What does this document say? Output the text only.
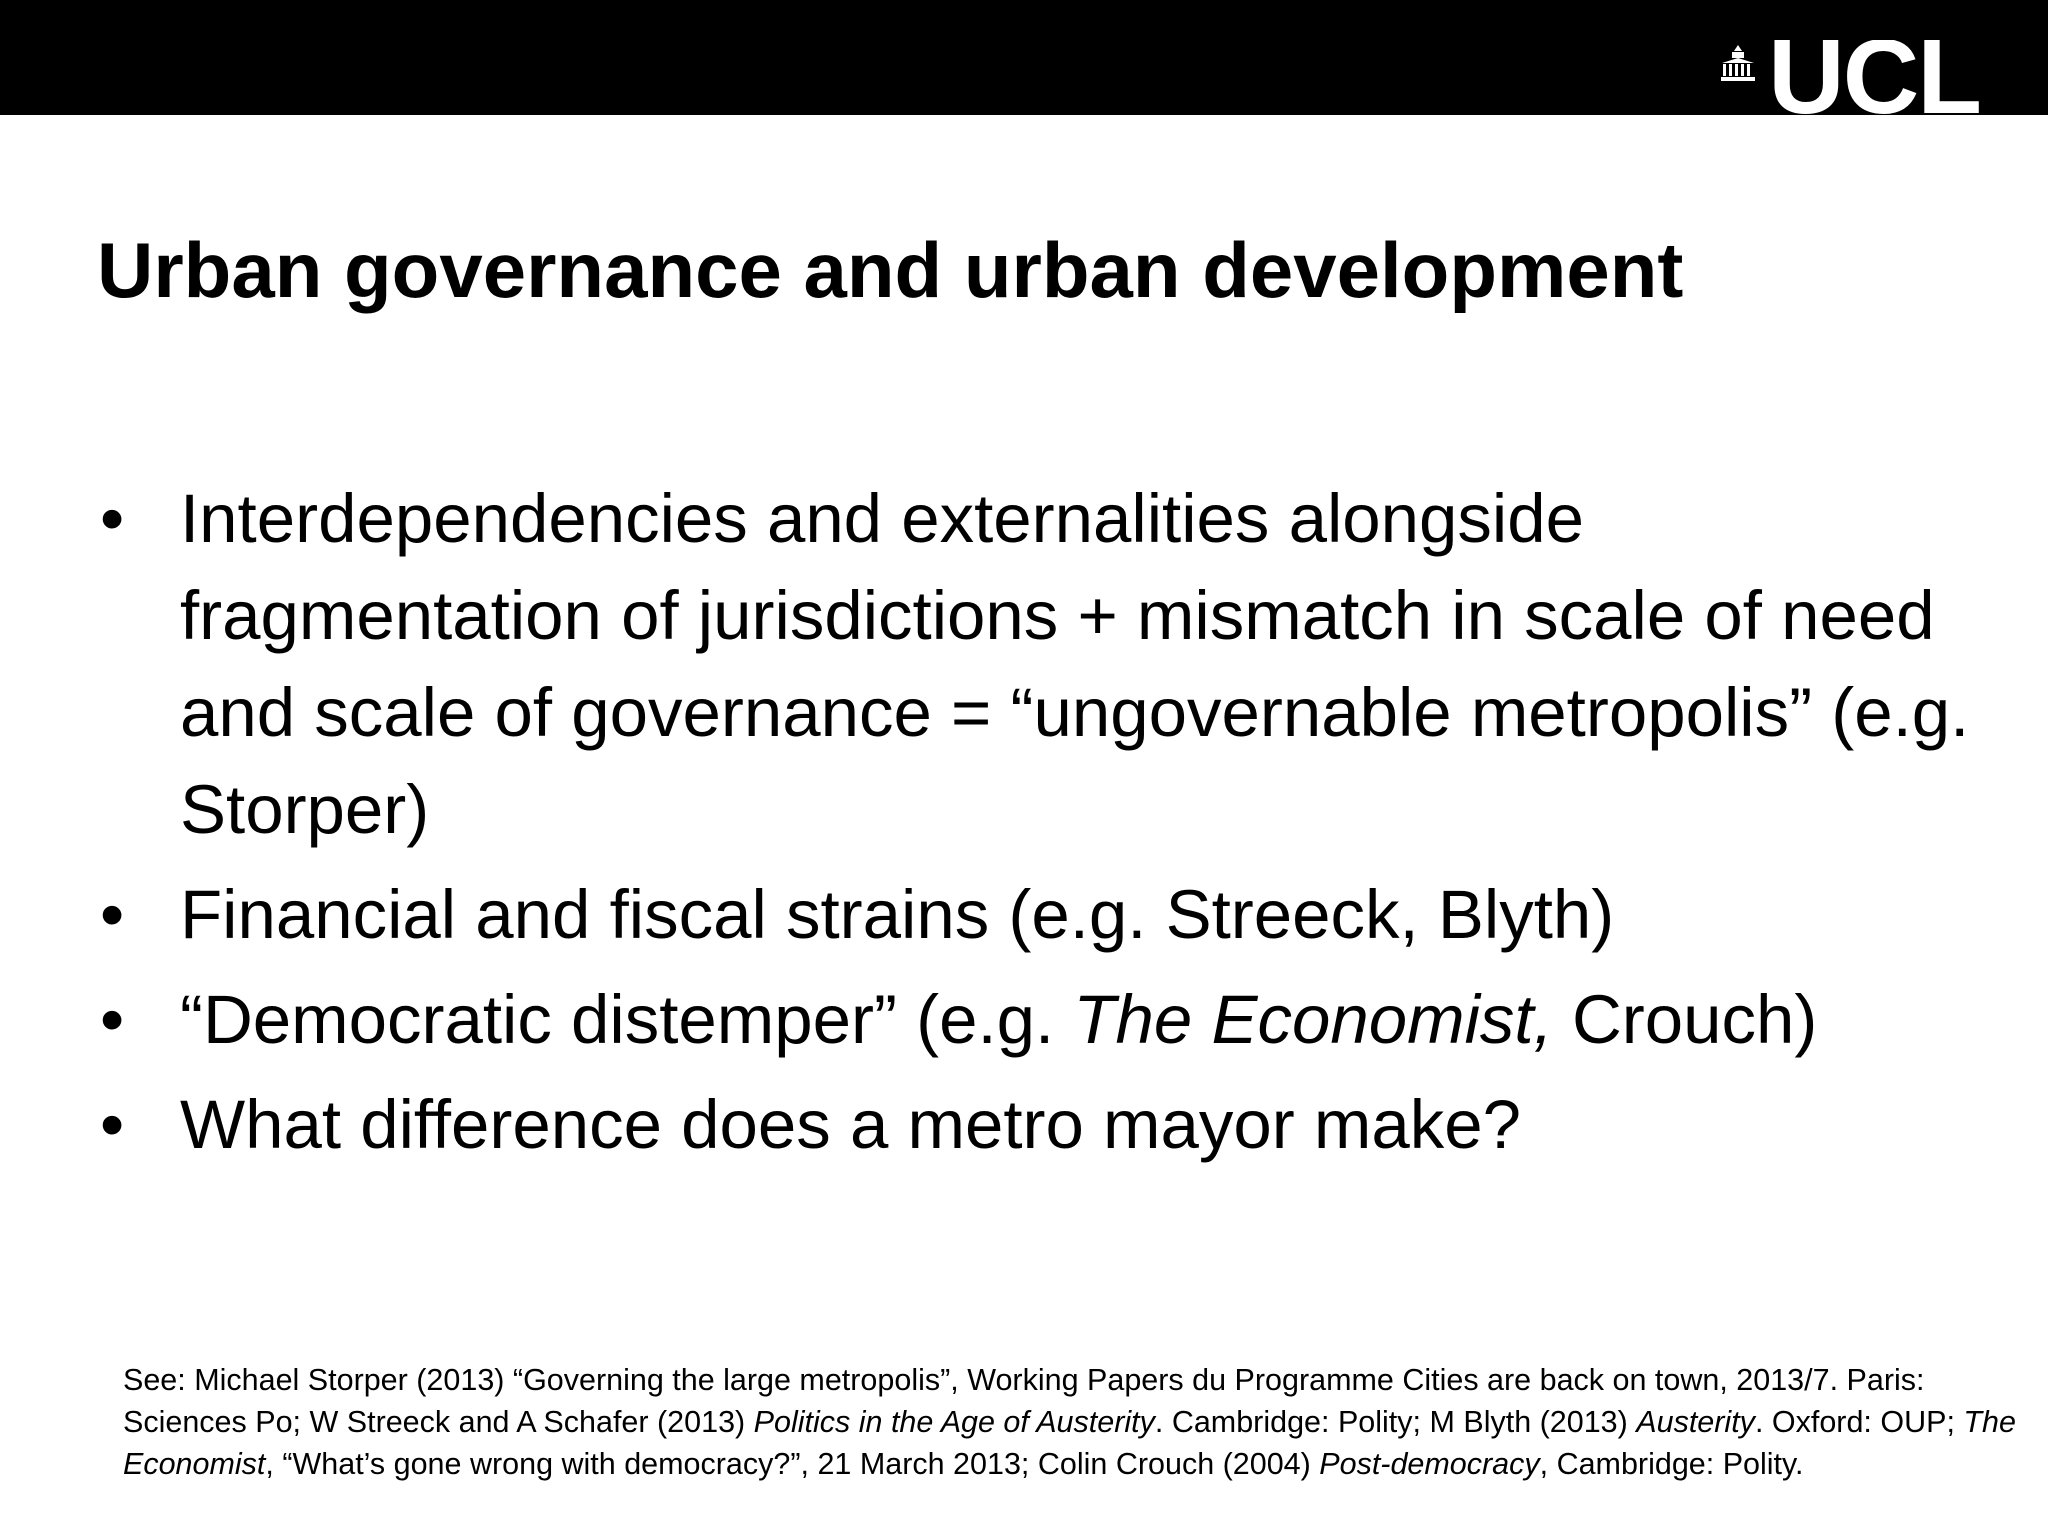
UCL
Urban governance and urban development
• Interdependencies and externalities alongside fragmentation of jurisdictions + mismatch in scale of need and scale of governance = “ungovernable metropolis” (e.g. Storper)
• Financial and fiscal strains (e.g. Streeck, Blyth)
• “Democratic distemper” (e.g. The Economist, Crouch)
• What difference does a metro mayor make?

See: Michael Storper (2013) “Governing the large metropolis”, Working Papers du Programme Cities are back on town, 2013/7. Paris: Sciences Po; W Streeck and A Schafer (2013) Politics in the Age of Austerity. Cambridge: Polity; M Blyth (2013) Austerity. Oxford: OUP; The Economist, “What’s gone wrong with democracy?”, 21 March 2013; Colin Crouch (2004) Post-democracy, Cambridge: Polity.
